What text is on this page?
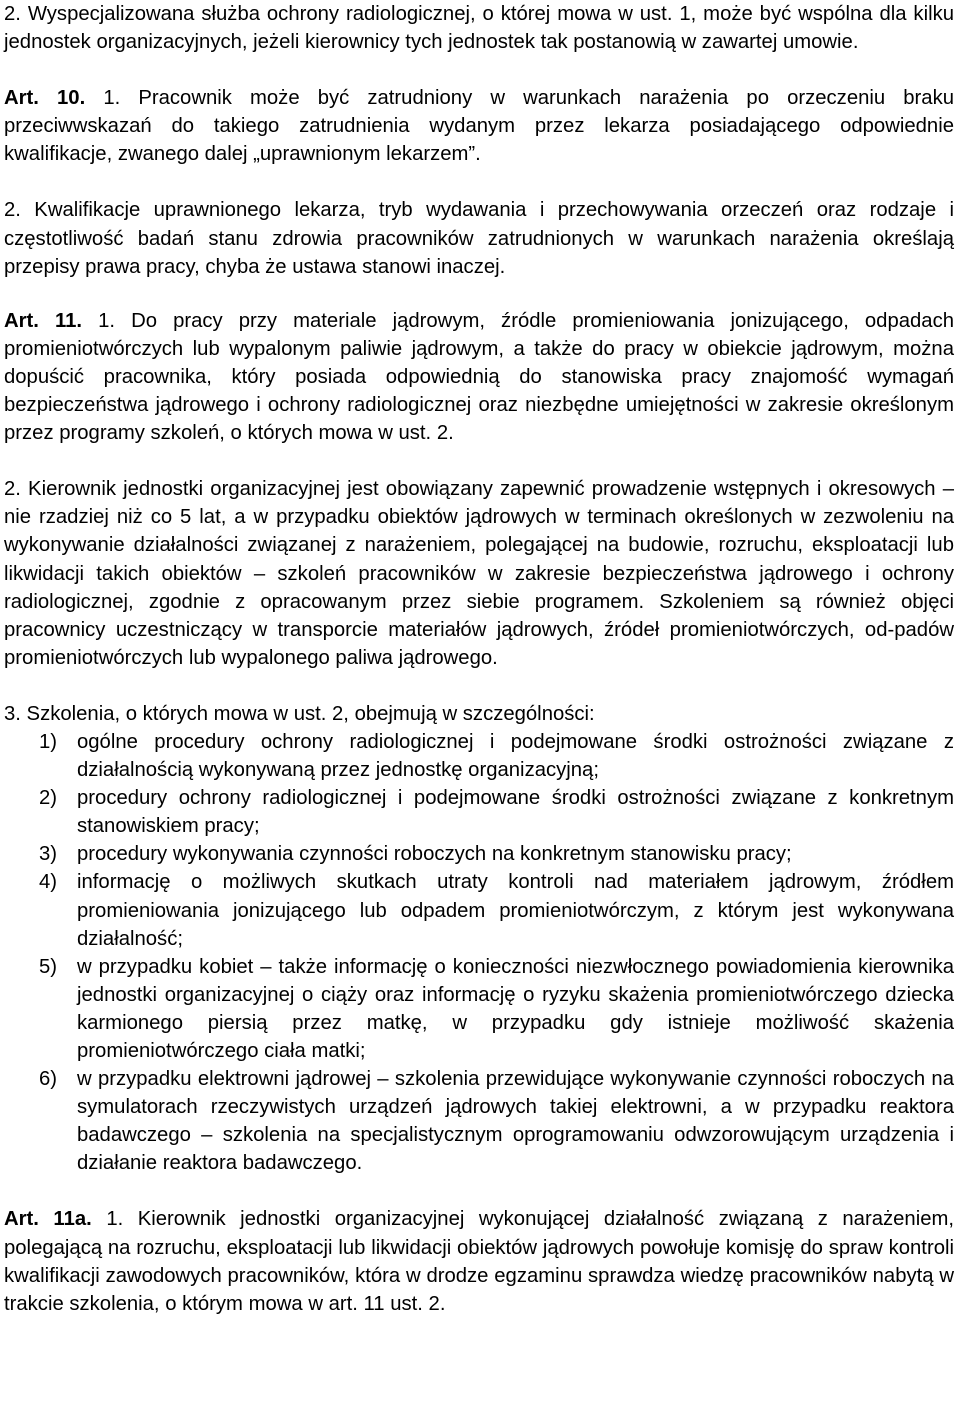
2. Wyspecjalizowana służba ochrony radiologicznej, o której mowa w ust. 1, może być wspólna dla kilku jednostek organizacyjnych, jeżeli kierownicy tych jednostek tak postanowią w zawartej umowie.

Art. 10. 1. Pracownik może być zatrudniony w warunkach narażenia po orzeczeniu braku przeciwwskazań do takiego zatrudnienia wydanym przez lekarza posiadającego odpowiednie kwalifikacje, zwanego dalej „uprawnionym lekarzem”.

2. Kwalifikacje uprawnionego lekarza, tryb wydawania i przechowywania orzeczeń oraz rodzaje i częstotliwość badań stanu zdrowia pracowników zatrudnionych w warunkach narażenia określają przepisy prawa pracy, chyba że ustawa stanowi inaczej.

Art. 11. 1. Do pracy przy materiale jądrowym, źródle promieniowania jonizującego, odpadach promieniotwórczych lub wypalonym paliwie jądrowym, a także do pracy w obiekcie jądrowym, można dopuścić pracownika, który posiada odpowiednią do stanowiska pracy znajomość wymagań bezpieczeństwa jądrowego i ochrony radiologicznej oraz niezbędne umiejętności w zakresie określonym przez programy szkoleń, o których mowa w ust. 2.

2. Kierownik jednostki organizacyjnej jest obowiązany zapewnić prowadzenie wstępnych i okresowych – nie rzadziej niż co 5 lat, a w przypadku obiektów jądrowych w terminach określonych w zezwoleniu na wykonywanie działalności związanej z narażeniem, polegającej na budowie, rozruchu, eksploatacji lub likwidacji takich obiektów – szkoleń pracowników w zakresie bezpieczeństwa jądrowego i ochrony radiologicznej, zgodnie z opracowanym przez siebie programem. Szkoleniem są również objęci pracownicy uczestniczący w transporcie materiałów jądrowych, źródeł promieniotwórczych, od-padów promieniotwórczych lub wypalonego paliwa jądrowego.

3. Szkolenia, o których mowa w ust. 2, obejmują w szczególności:

1) ogólne procedury ochrony radiologicznej i podejmowane środki ostrożności związane z działalnością wykonywaną przez jednostkę organizacyjną;
2) procedury ochrony radiologicznej i podejmowane środki ostrożności związane z konkretnym stanowiskiem pracy;
3) procedury wykonywania czynności roboczych na konkretnym stanowisku pracy;
4) informację o możliwych skutkach utraty kontroli nad materiałem jądrowym, źródłem promieniowania jonizującego lub odpadem promieniotwórczym, z którym jest wykonywana działalność;
5) w przypadku kobiet – także informację o konieczności niezwłocznego powiadomienia kierownika jednostki organizacyjnej o ciąży oraz informację o ryzyku skażenia promieniotwórczego dziecka karmionego piersią przez matkę, w przypadku gdy istnieje możliwość skażenia promieniotwórczego ciała matki;
6) w przypadku elektrowni jądrowej – szkolenia przewidujące wykonywanie czynności roboczych na symulatorach rzeczywistych urządzeń jądrowych takiej elektrowni, a w przypadku reaktora badawczego – szkolenia na specjalistycznym oprogramowaniu odwzorowującym urządzenia i działanie reaktora badawczego.

Art. 11a. 1. Kierownik jednostki organizacyjnej wykonującej działalność związaną z narażeniem, polegającą na rozruchu, eksploatacji lub likwidacji obiektów jądrowych powołuje komisję do spraw kontroli kwalifikacji zawodowych pracowników, która w drodze egzaminu sprawdza wiedzę pracowników nabytą w trakcie szkolenia, o którym mowa w art. 11 ust. 2.
